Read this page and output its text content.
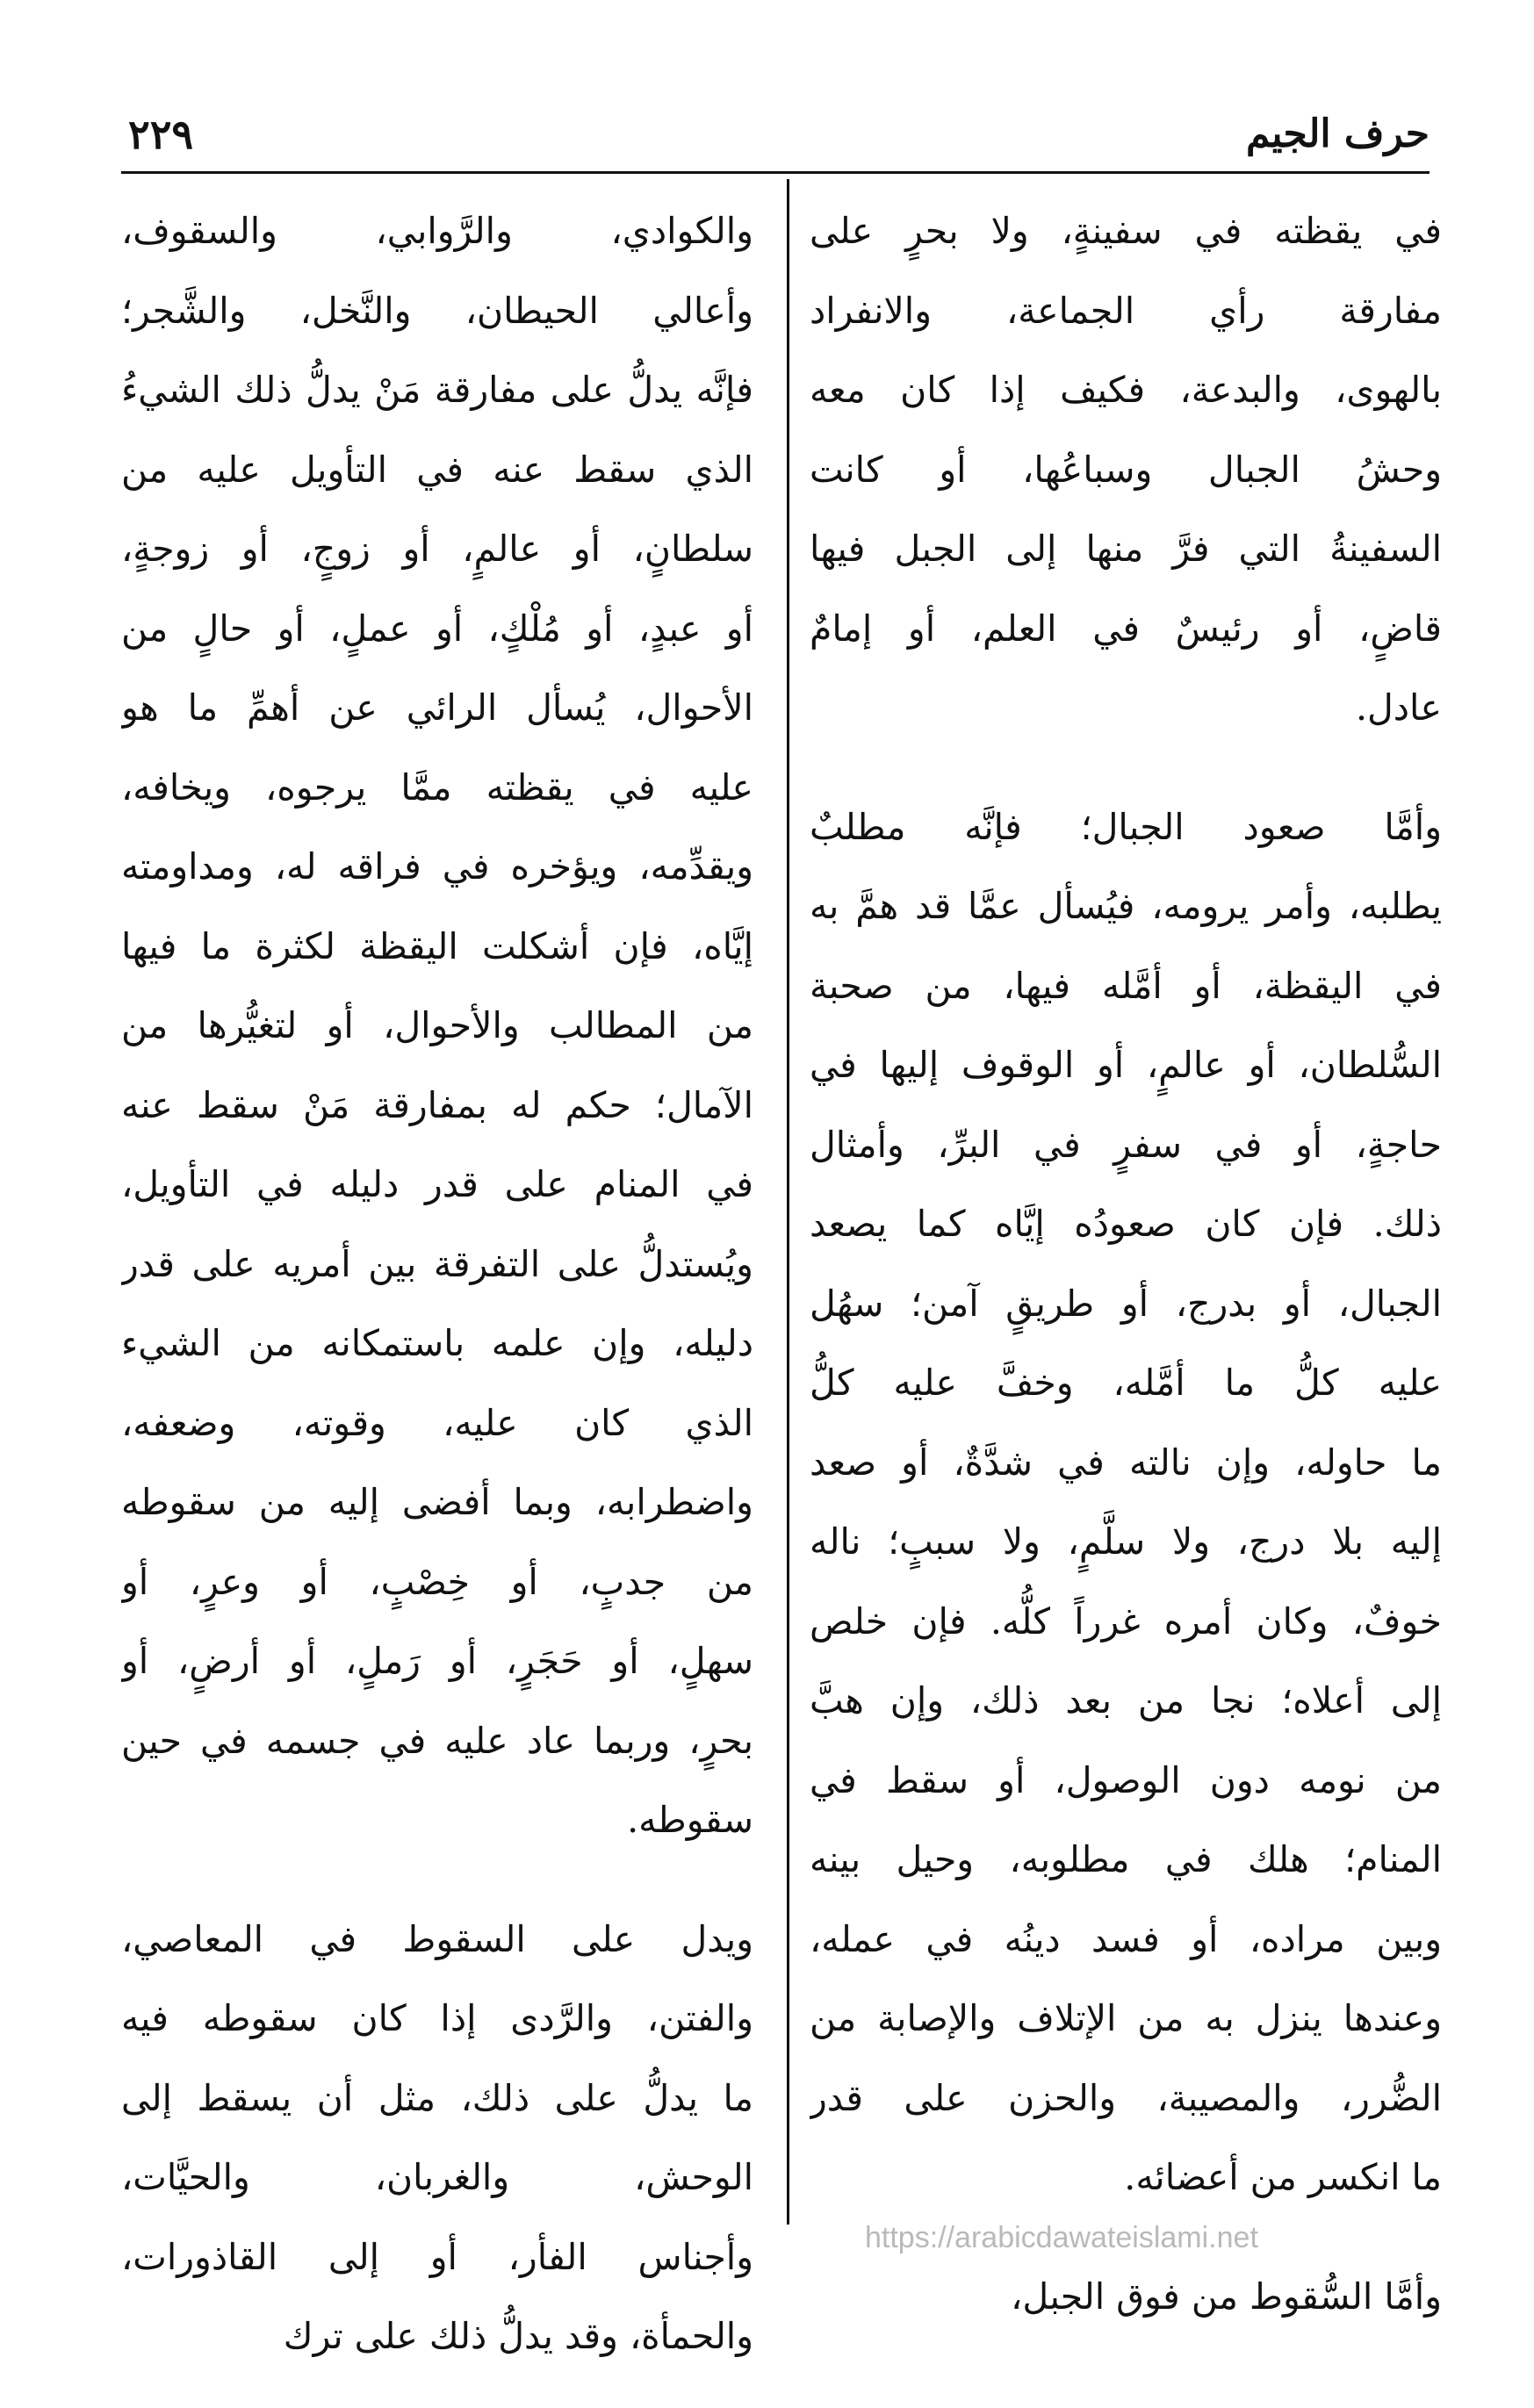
حرف الجيم
٢٢٩
في يقظته في سفينةٍ، ولا بحرٍ على
مفارقة رأي الجماعة، والانفراد
بالهوى، والبدعة، فكيف إذا كان معه
وحشُ الجبال وسباعُها، أو كانت
السفينةُ التي فرَّ منها إلى الجبل فيها
قاضٍ، أو رئيسٌ في العلم، أو إمامٌ
عادل.
وأمَّا صعود الجبال؛ فإنَّه مطلبٌ
يطلبه، وأمر يرومه، فيُسأل عمَّا قد همَّ به
في اليقظة، أو أمَّله فيها، من صحبة
السُّلطان، أو عالمٍ، أو الوقوف إليها في
حاجةٍ، أو في سفرٍ في البرِّ، وأمثال
ذلك. فإن كان صعودُه إيَّاه كما يصعد
الجبال، أو بدرج، أو طريقٍ آمن؛ سهُل
عليه كلُّ ما أمَّله، وخفَّ عليه كلُّ
ما حاوله، وإن نالته في شدَّةٌ، أو صعد
إليه بلا درج، ولا سلَّمٍ، ولا سببٍ؛ ناله
خوفٌ، وكان أمره غرراً كلُّه. فإن خلص
إلى أعلاه؛ نجا من بعد ذلك، وإن هبَّ
من نومه دون الوصول، أو سقط في
المنام؛ هلك في مطلوبه، وحيل بينه
وبين مراده، أو فسد دينُه في عمله،
وعندها ينزل به من الإتلاف والإصابة من
الضُّرر، والمصيبة، والحزن على قدر
ما انكسر من أعضائه.
وأمَّا السُّقوط من فوق الجبل،
والكوادي، والرَّوابي، والسقوف،
وأعالي الحيطان، والنَّخل، والشَّجر؛
فإنَّه يدلُّ على مفارقة مَنْ يدلُّ ذلك الشيءُ
الذي سقط عنه في التأويل عليه من
سلطانٍ، أو عالمٍ، أو زوجٍ، أو زوجةٍ،
أو عبدٍ، أو مُلْكٍ، أو عملٍ، أو حالٍ من
الأحوال، يُسأل الرائي عن أهمِّ ما هو
عليه في يقظته ممَّا يرجوه، ويخافه،
ويقدِّمه، ويؤخره في فراقه له، ومداومته
إيَّاه، فإن أشكلت اليقظة لكثرة ما فيها
من المطالب والأحوال، أو لتغيُّرها من
الآمال؛ حكم له بمفارقة مَنْ سقط عنه
في المنام على قدر دليله في التأويل،
ويُستدلُّ على التفرقة بين أمريه على قدر
دليله، وإن علمه باستمكانه من الشيء
الذي كان عليه، وقوته، وضعفه،
واضطرابه، وبما أفضى إليه من سقوطه
من جدبٍ، أو خِصْبٍ، أو وعرٍ، أو
سهلٍ، أو حَجَرٍ، أو رَملٍ، أو أرضٍ، أو
بحرٍ، وربما عاد عليه في جسمه في حين
سقوطه.
ويدل على السقوط في المعاصي،
والفتن، والرَّدى إذا كان سقوطه فيه
ما يدلُّ على ذلك، مثل أن يسقط إلى
الوحش، والغربان، والحيَّات،
وأجناس الفأر، أو إلى القاذورات،
والحمأة، وقد يدلُّ ذلك على ترك
https://arabicdawateislami.net
